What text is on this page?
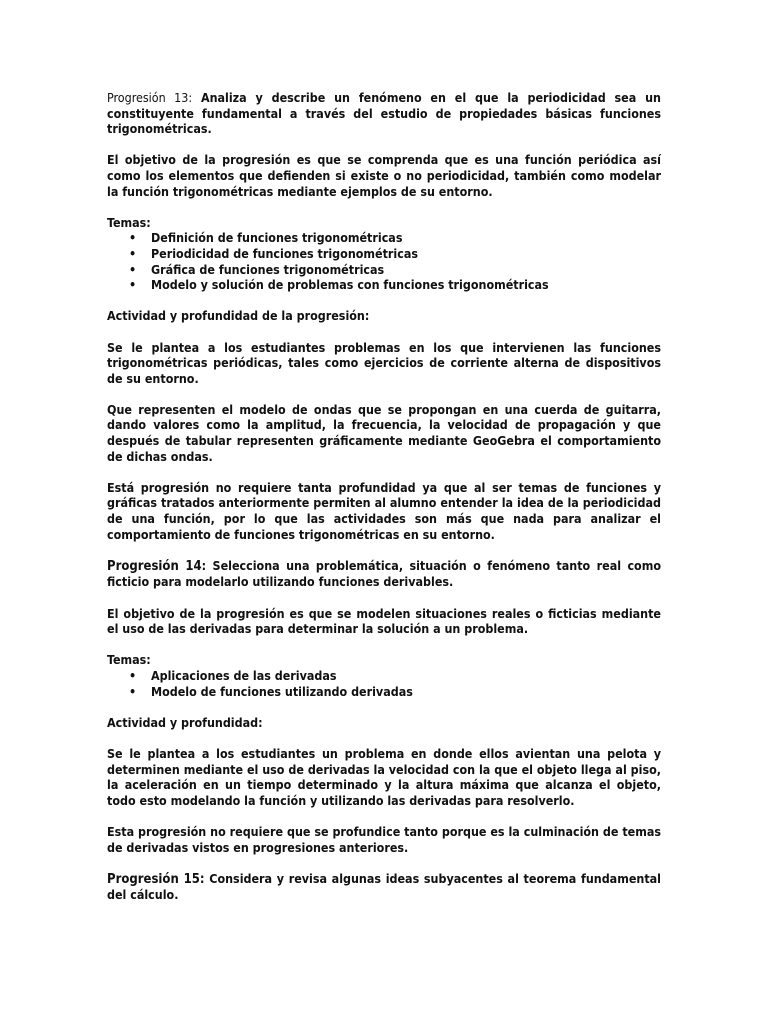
Progresión 13: Analiza y describe un fenómeno en el que la periodicidad sea un constituyente fundamental a través del estudio de propiedades básicas funciones trigonométricas.

El objetivo de la progresión es que se comprenda que es una función periódica así como los elementos que defienden si existe o no periodicidad, también como modelar la función trigonométricas mediante ejemplos de su entorno.

Temas:

• Definición de funciones trigonométricas
• Periodicidad de funciones trigonométricas
• Gráfica de funciones trigonométricas
• Modelo y solución de problemas con funciones trigonométricas

Actividad y profundidad de la progresión:

Se le plantea a los estudiantes problemas en los que intervienen las funciones trigonométricas periódicas, tales como ejercicios de corriente alterna de dispositivos de su entorno.

Que representen el modelo de ondas que se propongan en una cuerda de guitarra, dando valores como la amplitud, la frecuencia, la velocidad de propagación y que después de tabular representen gráficamente mediante GeoGebra el comportamiento de dichas ondas.

Está progresión no requiere tanta profundidad ya que al ser temas de funciones y gráficas tratados anteriormente permiten al alumno entender la idea de la periodicidad de una función, por lo que las actividades son más que nada para analizar el comportamiento de funciones trigonométricas en su entorno.

Progresión 14: Selecciona una problemática, situación o fenómeno tanto real como ficticio para modelarlo utilizando funciones derivables.

El objetivo de la progresión es que se modelen situaciones reales o ficticias mediante el uso de las derivadas para determinar la solución a un problema.

Temas:

• Aplicaciones de las derivadas
• Modelo de funciones utilizando derivadas

Actividad y profundidad:

Se le plantea a los estudiantes un problema en donde ellos avientan una pelota y determinen mediante el uso de derivadas la velocidad con la que el objeto llega al piso, la aceleración en un tiempo determinado y la altura máxima que alcanza el objeto, todo esto modelando la función y utilizando las derivadas para resolverlo.

Esta progresión no requiere que se profundice tanto porque es la culminación de temas de derivadas vistos en progresiones anteriores.

Progresión 15: Considera y revisa algunas ideas subyacentes al teorema fundamental del cálculo.
